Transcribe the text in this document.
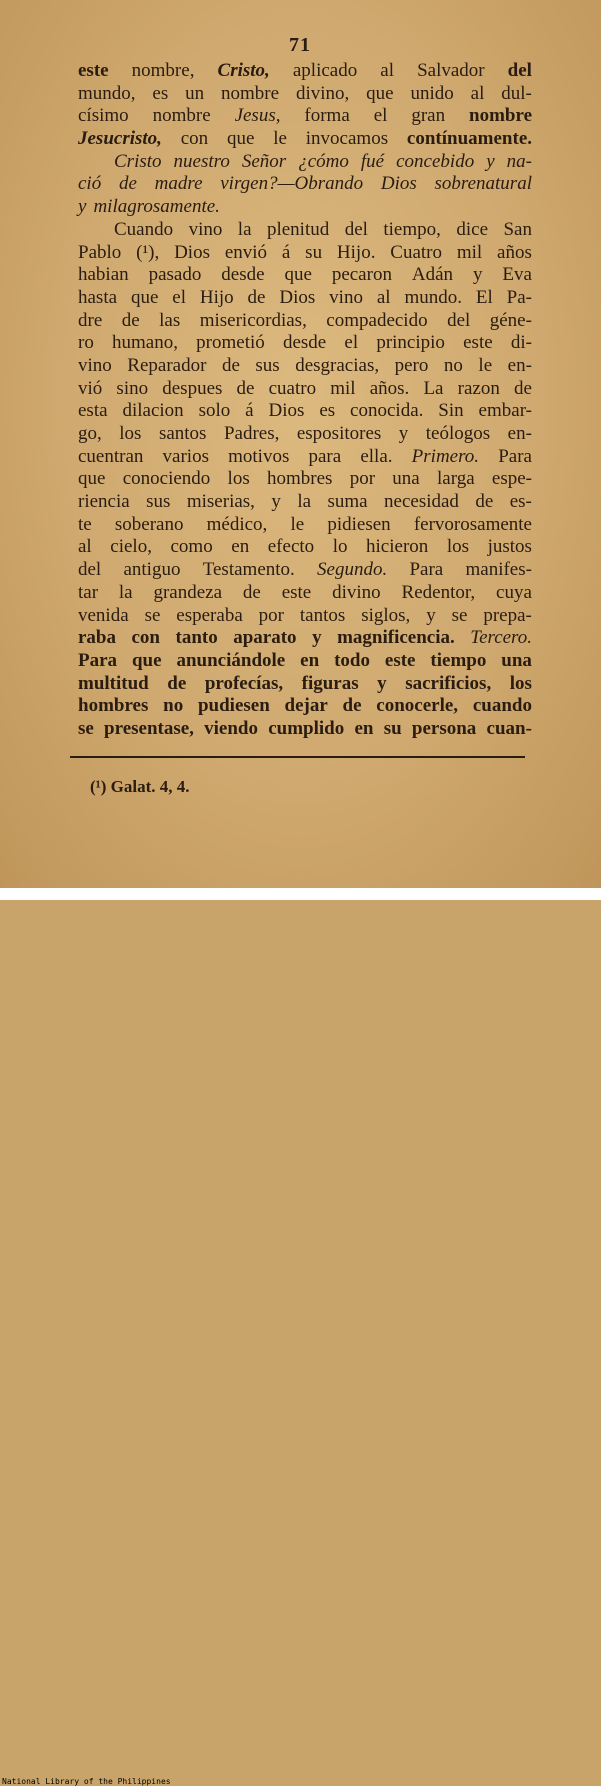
71
este nombre, Cristo, aplicado al Salvador del
mundo, es un nombre divino, que unido al dul-
císimo nombre Jesus, forma el gran nombre
Jesucristo, con que le invocamos contínuamente.
Cristo nuestro Señor ¿cómo fué concebido y na-
ció de madre virgen?—Obrando Dios sobrenatural
y milagrosamente.
Cuando vino la plenitud del tiempo, dice San
Pablo (¹), Dios envió á su Hijo. Cuatro mil años
habian pasado desde que pecaron Adán y Eva
hasta que el Hijo de Dios vino al mundo. El Pa-
dre de las misericordias, compadecido del géne-
ro humano, prometió desde el principio este di-
vino Reparador de sus desgracias, pero no le en-
vió sino despues de cuatro mil años. La razon de
esta dilacion solo á Dios es conocida. Sin embar-
go, los santos Padres, espositores y teólogos en-
cuentran varios motivos para ella. Primero. Para
que conociendo los hombres por una larga espe-
riencia sus miserias, y la suma necesidad de es-
te soberano médico, le pidiesen fervorosamente
al cielo, como en efecto lo hicieron los justos
del antiguo Testamento. Segundo. Para manifes-
tar la grandeza de este divino Redentor, cuya
venida se esperaba por tantos siglos, y se prepa-
raba con tanto aparato y magnificencia. Tercero.
Para que anunciándole en todo este tiempo una
multitud de profecías, figuras y sacrificios, los
hombres no pudiesen dejar de conocerle, cuando
se presentase, viendo cumplido en su persona cuan-
(¹) Galat. 4, 4.
National Library of the Philippines
